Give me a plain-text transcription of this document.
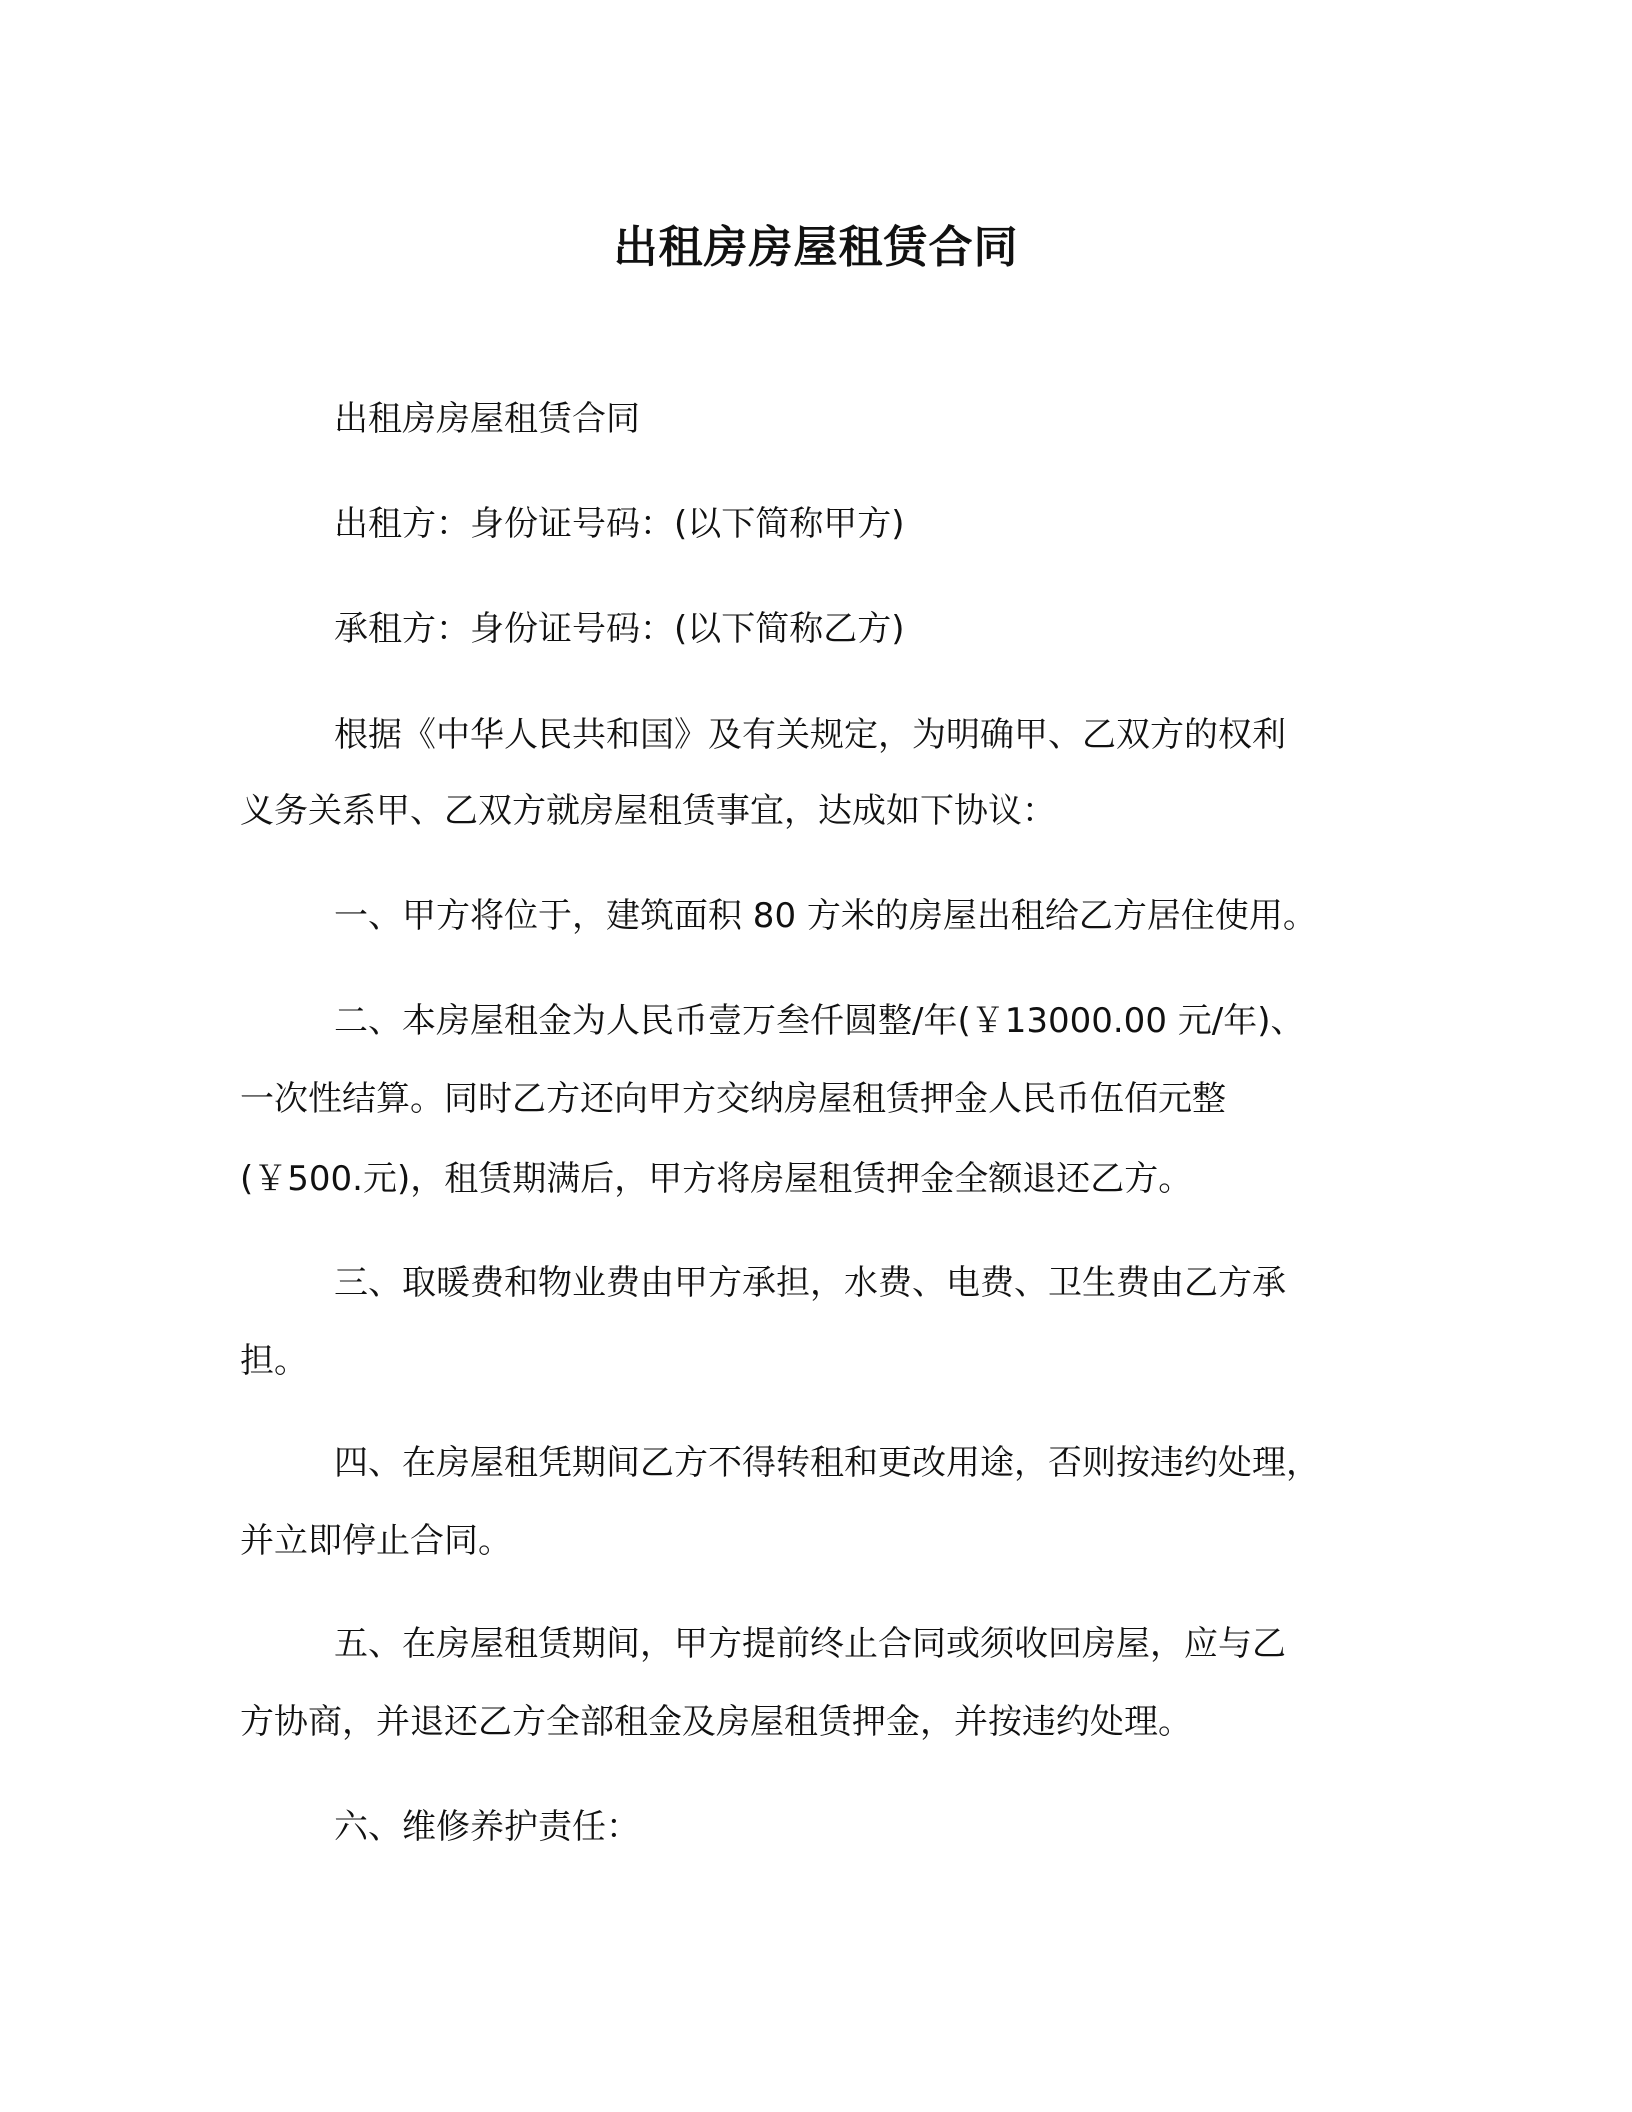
出租房房屋租赁合同

出租房房屋租赁合同

出租方：身份证号码：(以下简称甲方)

承租方：身份证号码：(以下简称乙方)

根据《中华人民共和国》及有关规定，为明确甲、乙双方的权利

义务关系甲、乙双方就房屋租赁事宜，达成如下协议：

一、甲方将位于，建筑面积 80 方米的房屋出租给乙方居住使用。

二、本房屋租金为人民币壹万叁仟圆整/年(￥13000.00 元/年)、

一次性结算。同时乙方还向甲方交纳房屋租赁押金人民币伍佰元整

(￥500.元)，租赁期满后，甲方将房屋租赁押金全额退还乙方。

三、取暖费和物业费由甲方承担，水费、电费、卫生费由乙方承

担。

四、在房屋租凭期间乙方不得转租和更改用途，否则按违约处理，

并立即停止合同。

五、在房屋租赁期间，甲方提前终止合同或须收回房屋，应与乙

方协商，并退还乙方全部租金及房屋租赁押金，并按违约处理。

六、维修养护责任：
